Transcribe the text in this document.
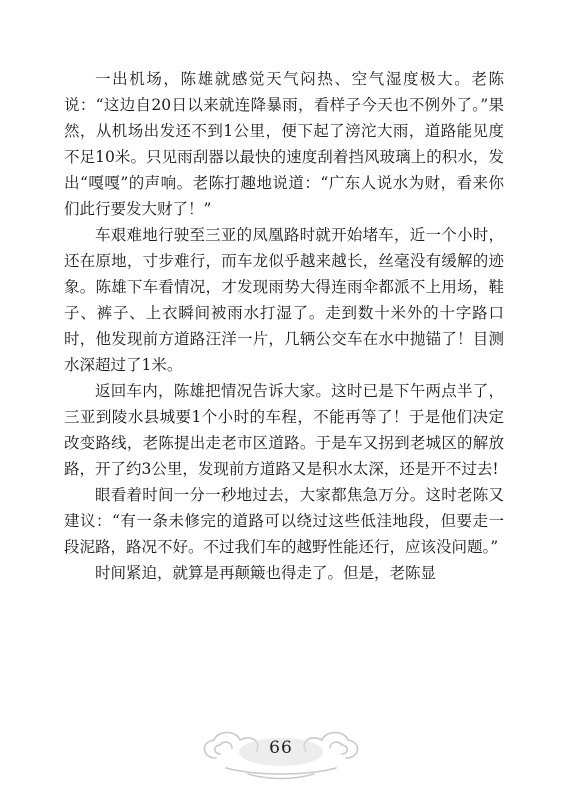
一出机场，陈雄就感觉天气闷热、空气湿度极大。老陈说：“这边自20日以来就连降暴雨，看样子今天也不例外了。”果然，从机场出发还不到1公里，便下起了滂沱大雨，道路能见度不足10米。只见雨刮器以最快的速度刮着挡风玻璃上的积水，发出“嘎嘎”的声响。老陈打趣地说道：“广东人说水为财，看来你们此行要发大财了！”

车艰难地行驶至三亚的凤凰路时就开始堵车，近一个小时，还在原地，寸步难行，而车龙似乎越来越长，丝毫没有缓解的迹象。陈雄下车看情况，才发现雨势大得连雨伞都派不上用场，鞋子、裤子、上衣瞬间被雨水打湿了。走到数十米外的十字路口时，他发现前方道路汪洋一片，几辆公交车在水中抛锚了！目测水深超过了1米。

返回车内，陈雄把情况告诉大家。这时已是下午两点半了，三亚到陵水县城要1个小时的车程，不能再等了！于是他们决定改变路线，老陈提出走老市区道路。于是车又拐到老城区的解放路，开了约3公里，发现前方道路又是积水太深，还是开不过去!

眼看着时间一分一秒地过去，大家都焦急万分。这时老陈又建议：“有一条未修完的道路可以绕过这些低洼地段，但要走一段泥路，路况不好。不过我们车的越野性能还行，应该没问题。”

时间紧迫，就算是再颠簸也得走了。但是，老陈显

66
